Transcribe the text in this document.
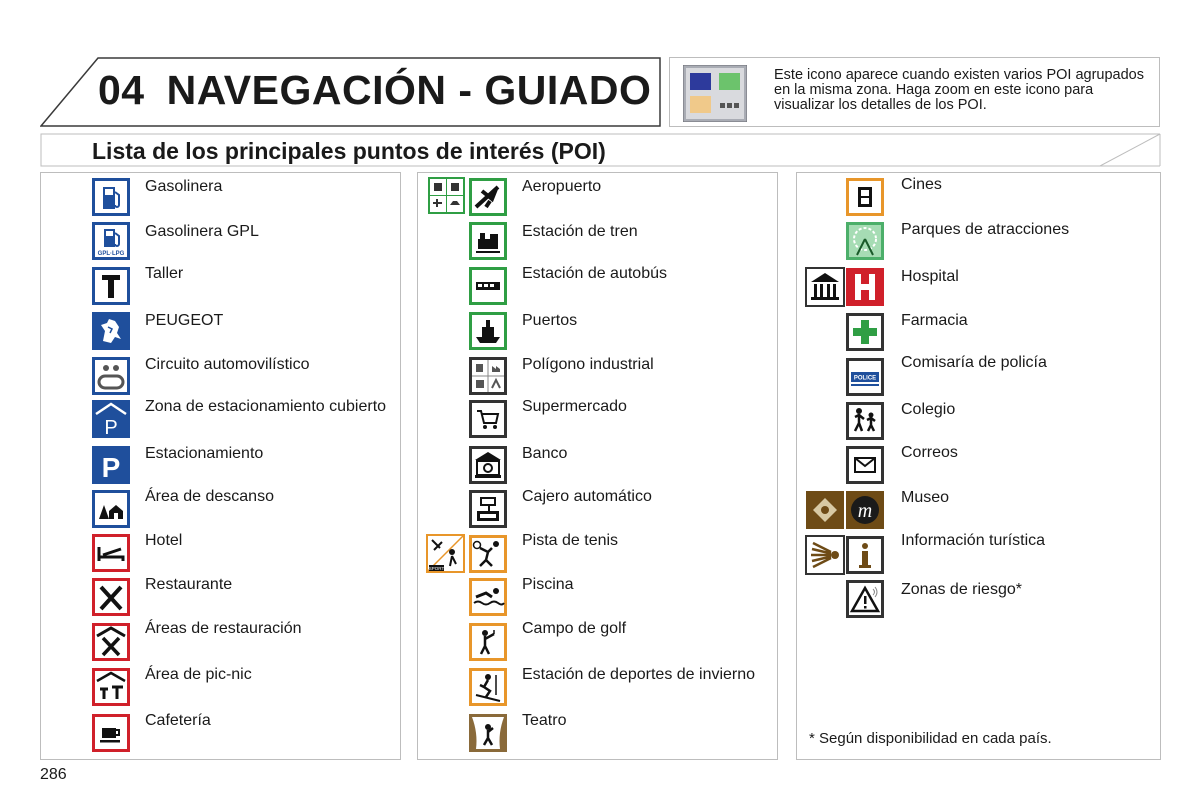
04 NAVEGACIÓN - GUIADO	Este icono aparece cuando existen varios POI agrupados en la misma zona. Haga zoom en este icono para visualizar los detalles de los POI.
Lista de los principales puntos de interés (POI)
Gasolinera
GPL·LPG
Gasolinera GPL
Taller
PEUGEOT
Circuito automovilístico
P
Zona de estacionamiento cubierto
P Estacionamiento
Área de descanso
Hotel
Restaurante
Áreas de restauración
Área de pic-nic
Cafetería
Aeropuerto
Estación de tren
Estación de autobús
Puertos
Polígono industrial
Supermercado
Banco
Cajero automático
SPORT
Pista de tenis
Piscina
Campo de golf
Estación de deportes de invierno
Teatro
Cines
Parques de atracciones
Hospital
Farmacia
POLICE
Comisaría de policía
Colegio
Correos
m
Museo
Información turística
Zonas de riesgo*
* Según disponibilidad en cada país.
286
